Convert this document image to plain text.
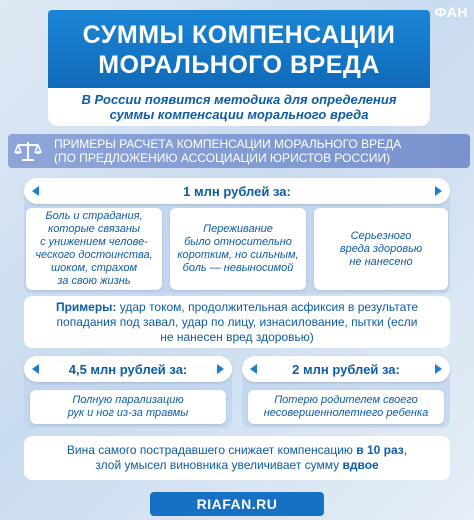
ФАН
СУММЫ КОМПЕНСАЦИИ
МОРАЛЬНОГО ВРЕДА
В России появится методика для определения
суммы компенсации морального вреда
ПРИМЕРЫ РАСЧЕТА КОМПЕНСАЦИИ МОРАЛЬНОГО ВРЕДА
(ПО ПРЕДЛОЖЕНИЮ АССОЦИАЦИИ ЮРИСТОВ РОССИИ)
1 млн рублей за:
Боль и страдания,
которые связаны
с унижением челове-
ческого достоинства,
шоком, страхом
за свою жизнь
Переживание
было относительно
коротким, но сильным,
боль — невыносимой
Серьезного
вреда здоровью
не нанесено
Примеры: удар током, продолжительная асфиксия в результате
попадания под завал, удар по лицу, изнасилование, пытки (если
не нанесен вред здоровью)
4,5 млн рублей за:	2 млн рублей за:
Полную парализацию
рук и ног из-за травмы
Потерю родителем своего
несовершеннолетнего ребенка
Вина самого пострадавшего снижает компенсацию в 10 раз,
злой умысел виновника увеличивает сумму вдвое
RIAFAN.RU
